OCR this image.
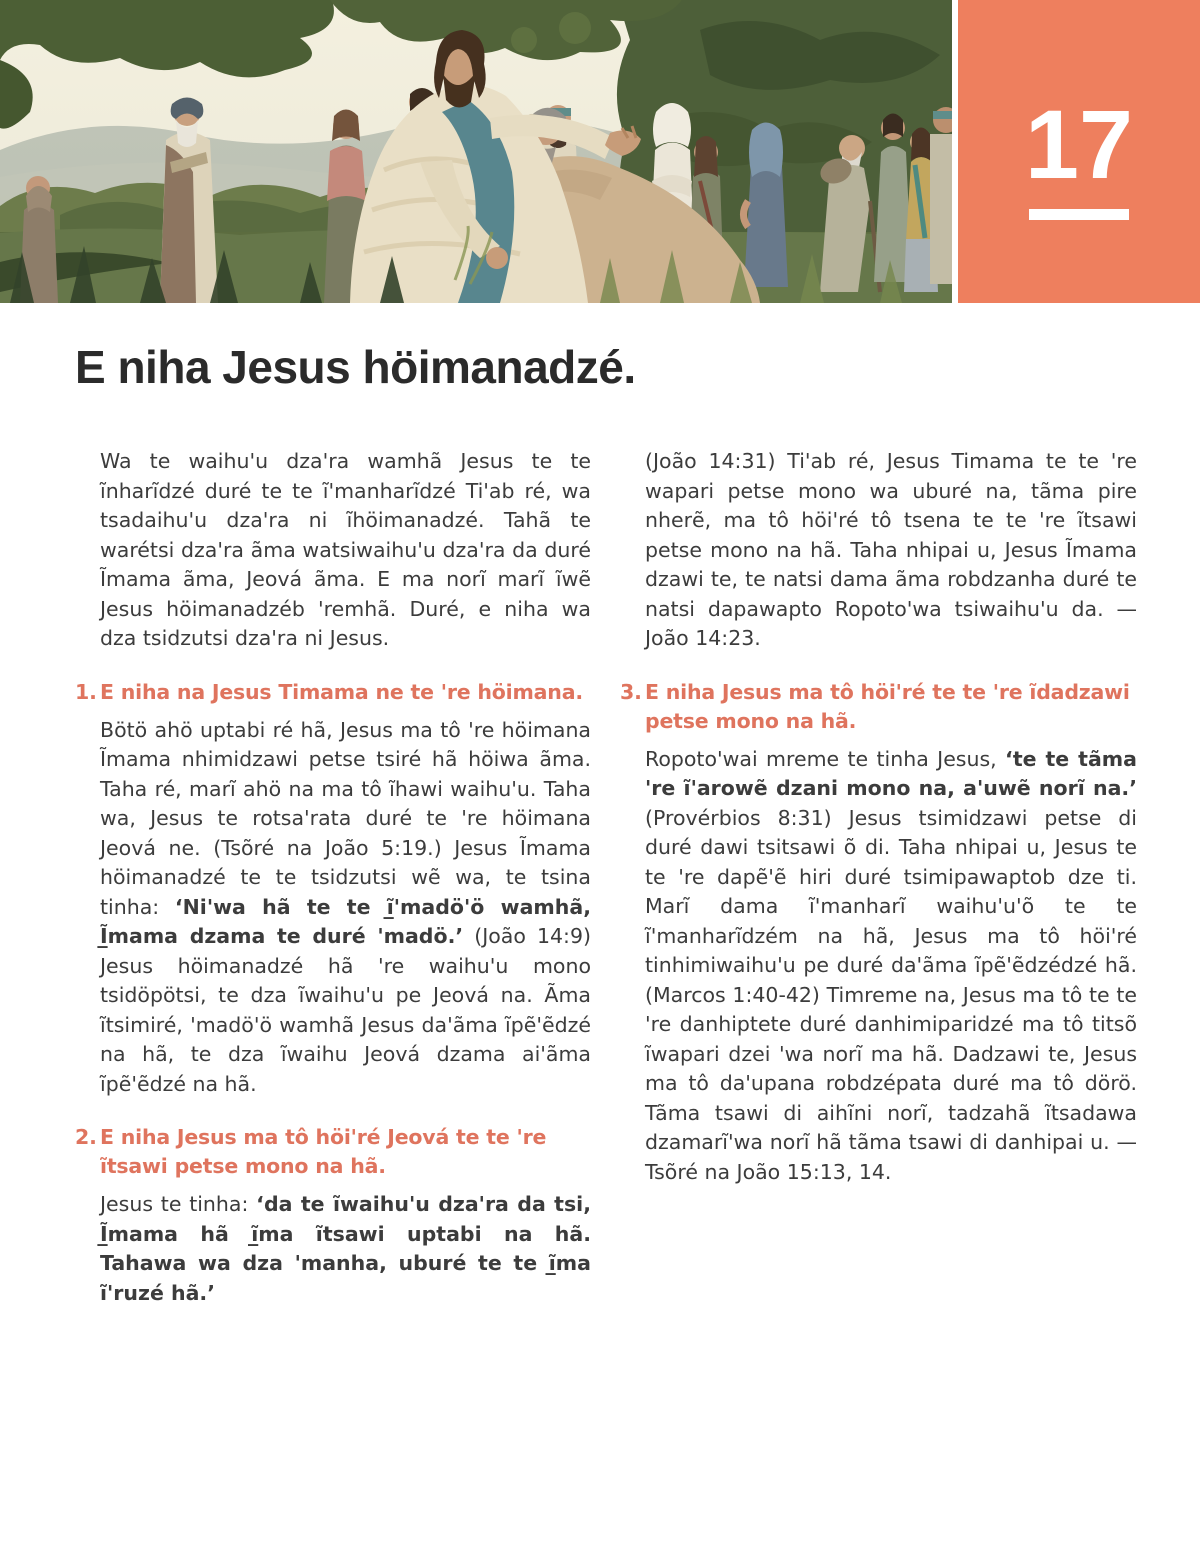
17
E niha Jesus höimanadzé.

Wa te waihu'u dza'ra wamhã Jesus te te ĩnharĩdzé duré te te ĩ'manharĩdzé Ti'ab ré, wa tsadaihu'u dza'ra ni ĩhöimanadzé. Tahã te warétsi dza'ra ãma watsiwaihu'u dza'ra da duré Ĩmama ãma, Jeová ãma. E ma norĩ marĩ ĩwẽ Jesus höimanadzéb 'remhã. Duré, e niha wa dza tsidzutsi dza'ra ni Jesus.

1. E niha na Jesus Timama ne te 're höimana.

Bötö ahö uptabi ré hã, Jesus ma tô 're höimana Ĩmama nhimidzawi petse tsiré hã höiwa ãma. Taha ré, marĩ ahö na ma tô ĩhawi waihu'u. Taha wa, Jesus te rotsa'rata duré te 're höimana Jeová ne. (Tsõré na João 5:19.) Jesus Ĩmama höimanadzé te te tsidzutsi wẽ wa, te tsina tinha: ‘Ni'wa hã te te ĩ̲'madö'ö wamhã, Ĩ̲mama dzama te duré 'madö.’ (João 14:9) Jesus höimanadzé hã 're waihu'u mono tsidöpötsi, te dza ĩwaihu'u pe Jeová na. Ãma ĩtsimiré, 'madö'ö wamhã Jesus da'ãma ĩpẽ'ẽdzé na hã, te dza ĩwaihu Jeová dzama ai'ãma ĩpẽ'ẽdzé na hã.

2. E niha Jesus ma tô höi'ré Jeová te te 're ĩtsawi petse mono na hã.

Jesus te tinha: ‘da te ĩwaihu'u dza'ra da tsi, Ĩ̲mama hã ĩ̲ma ĩtsawi uptabi na hã. Tahawa wa dza 'manha, uburé te te ĩ̲ma ĩ'ruzé hã.’

(João 14:31) Ti'ab ré, Jesus Timama te te 're wapari petse mono wa uburé na, tãma pire nherẽ, ma tô höi'ré tô tsena te te 're ĩtsawi petse mono na hã. Taha nhipai u, Jesus Ĩmama dzawi te, te natsi dama ãma robdzanha duré te natsi dapawapto Ropoto'wa tsiwaihu'u da. — João 14:23.

3. E niha Jesus ma tô höi'ré te te 're ĩdadzawi petse mono na hã.

Ropoto'wai mreme te tinha Jesus, ‘te te tãma 're ĩ'arowẽ dzani mono na, a'uwẽ norĩ na.’ (Provérbios 8:31) Jesus tsimidzawi petse di duré dawi tsitsawi õ di. Taha nhipai u, Jesus te te 're dapẽ'ẽ hiri duré tsimipawaptob dze ti. Marĩ dama ĩ'manharĩ waihu'u'õ te te ĩ'manharĩdzém na hã, Jesus ma tô höi'ré tinhimiwaihu'u pe duré da'ãma ĩpẽ'ẽdzédzé hã. (Marcos 1:40-42) Timreme na, Jesus ma tô te te 're danhiptete duré danhimiparidzé ma tô titsõ ĩwapari dzei 'wa norĩ ma hã. Dadzawi te, Jesus ma tô da'upana robdzépata duré ma tô dörö. Tãma tsawi di aihĩni norĩ, tadzahã ĩtsadawa dzamarĩ'wa norĩ hã tãma tsawi di danhipai u. — Tsõré na João 15:13, 14.
